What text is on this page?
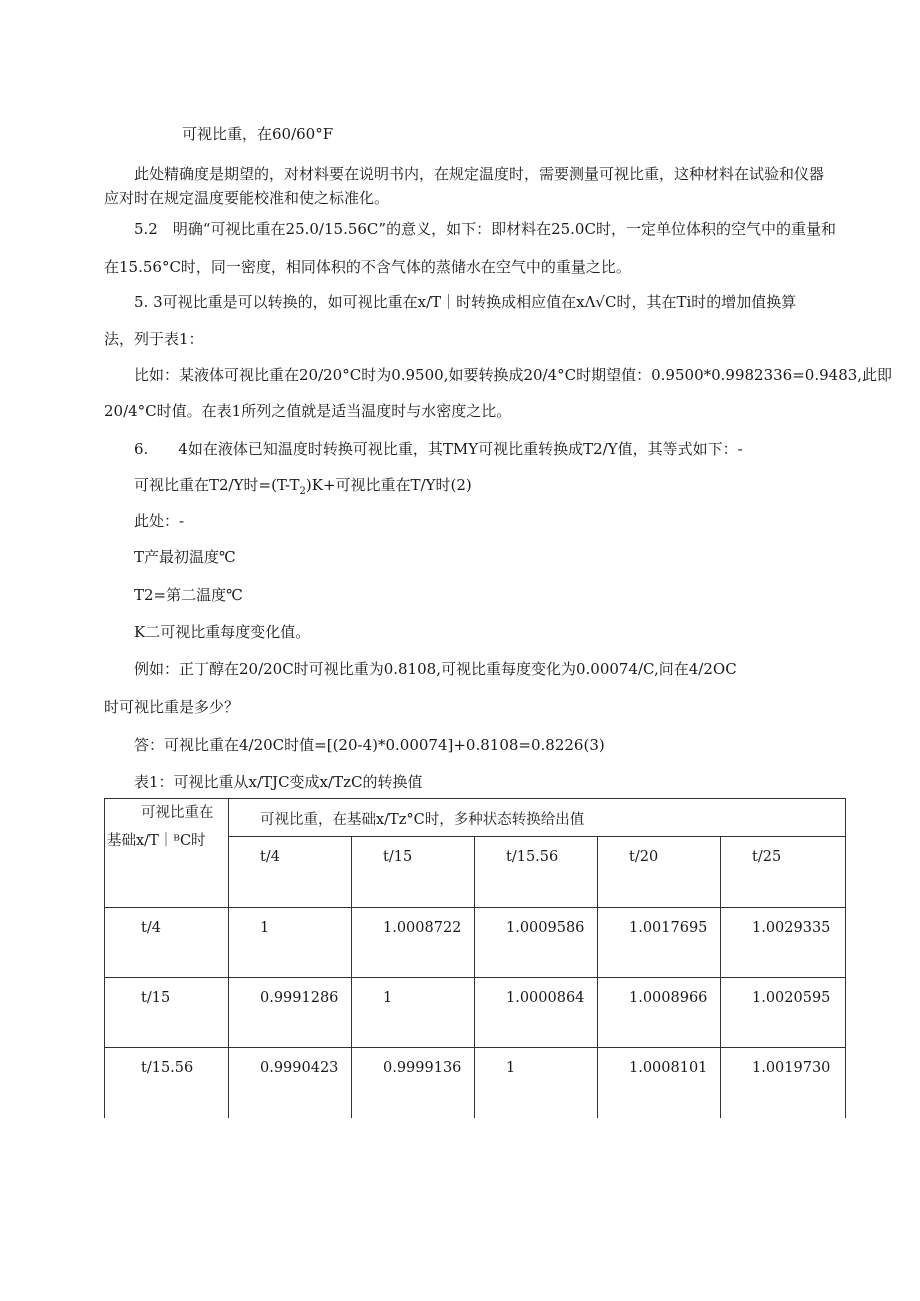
可视比重，在60/60°F
此处精确度是期望的，对材料要在说明书内，在规定温度时，需要测量可视比重，这种材料在试验和仪器
应对时在规定温度要能校准和使之标准化。
5.2　明确“可视比重在25.0/15.56C”的意义，如下：即材料在25.0C时，一定单位体积的空气中的重量和
在15.56°C时，同一密度，相同体积的不含气体的蒸储水在空气中的重量之比。
5. 3可视比重是可以转换的，如可视比重在x/T｜时转换成相应值在xΛ√C时，其在Ti时的增加值换算
法，列于表1：
比如：某液体可视比重在20/20°C时为0.9500,如要转换成20/4°C时期望值：0.9500*0.9982336=0.9483,此即
20/4°C时值。在表1所列之值就是适当温度时与水密度之比。
6.　　4如在液体已知温度时转换可视比重，其TMY可视比重转换成T2/Y值，其等式如下：-
可视比重在T2/Y时$=(T-T_2)K+$可视比重在T/Y时(2)
此处：-
T产最初温度℃
T2=第二温度℃
K二可视比重每度变化值。
例如：正丁醇在20/20C时可视比重为0.8108,可视比重每度变化为0.00074/C,问在4/2OC
时可视比重是多少？
答：可视比重在4/20C时值=[(20-4)*0.00074]+0.8108=0.8226(3)
表1：可视比重从x/TJC变成x/TzC的转换值
可视比重在
基础x/T｜ᴮC时	可视比重，在基础x/Tz°C时，多种状态转换给出值				
	t/4	t/15	t/15.56	t/20	t/25
t/4	1	1.0008722	1.0009586	1.0017695	1.0029335
t/15	0.9991286	1	1.0000864	1.0008966	1.0020595
t/15.56	0.9990423	0.9999136	1	1.0008101	1.0019730
